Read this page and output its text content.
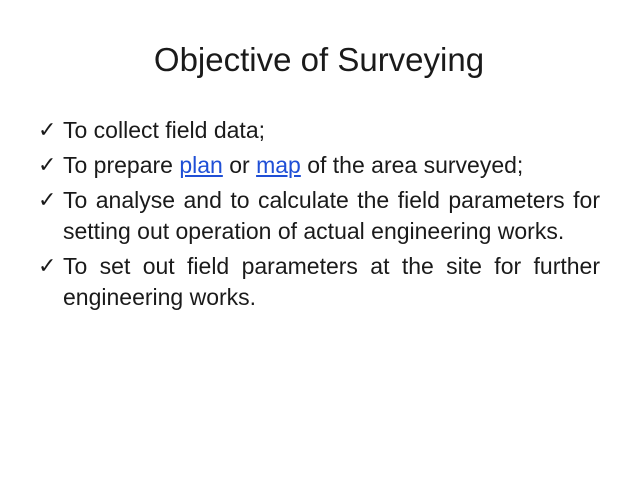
Objective of Surveying
✓ To collect field data;
✓ To prepare plan or map of the area surveyed;
✓ To analyse and to calculate the field parameters for setting out operation of actual engineering works.
✓ To set out field parameters at the site for further engineering works.
